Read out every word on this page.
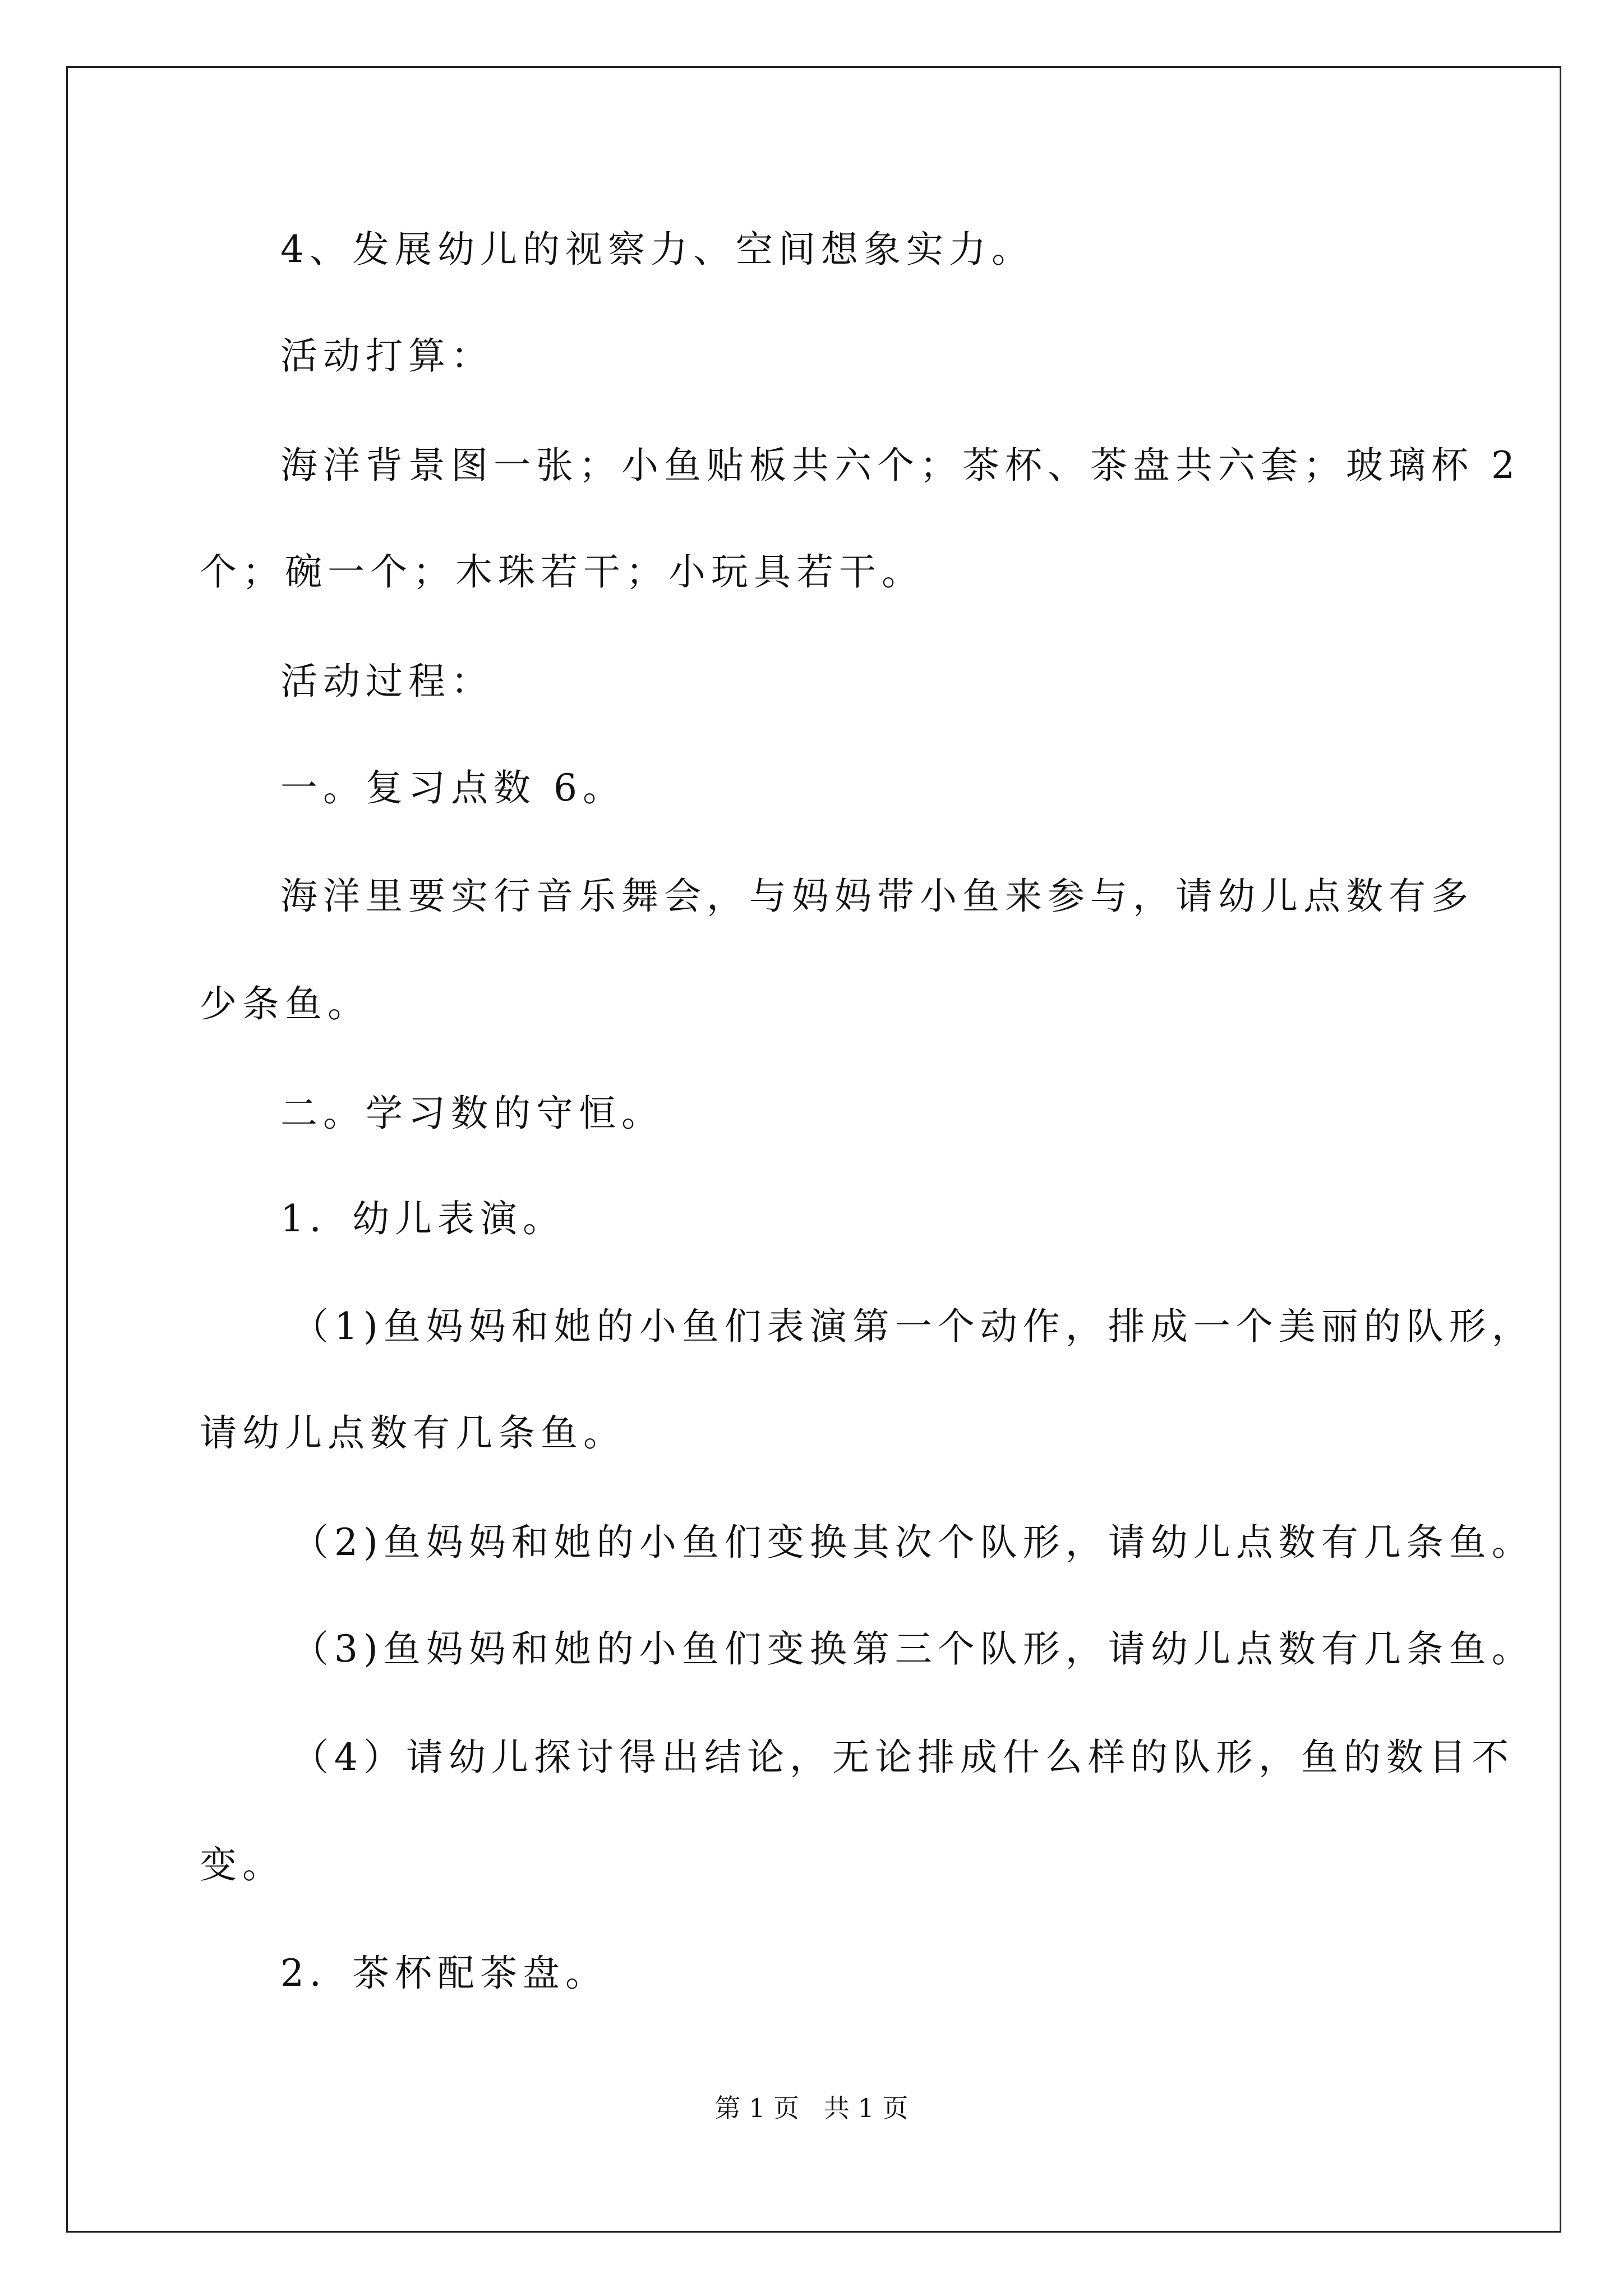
4、发展幼儿的视察力、空间想象实力。
活动打算：
海洋背景图一张；小鱼贴板共六个；茶杯、茶盘共六套；玻璃杯 2
个；碗一个；木珠若干；小玩具若干。
活动过程：
一。复习点数 6。
海洋里要实行音乐舞会，与妈妈带小鱼来参与，请幼儿点数有多
少条鱼。
二。学习数的守恒。
1．幼儿表演。
（1)鱼妈妈和她的小鱼们表演第一个动作，排成一个美丽的队形，
请幼儿点数有几条鱼。
（2)鱼妈妈和她的小鱼们变换其次个队形，请幼儿点数有几条鱼。
（3)鱼妈妈和她的小鱼们变换第三个队形，请幼儿点数有几条鱼。
（4）请幼儿探讨得出结论，无论排成什么样的队形，鱼的数目不
变。
2．茶杯配茶盘。
第 1 页   共 1 页
